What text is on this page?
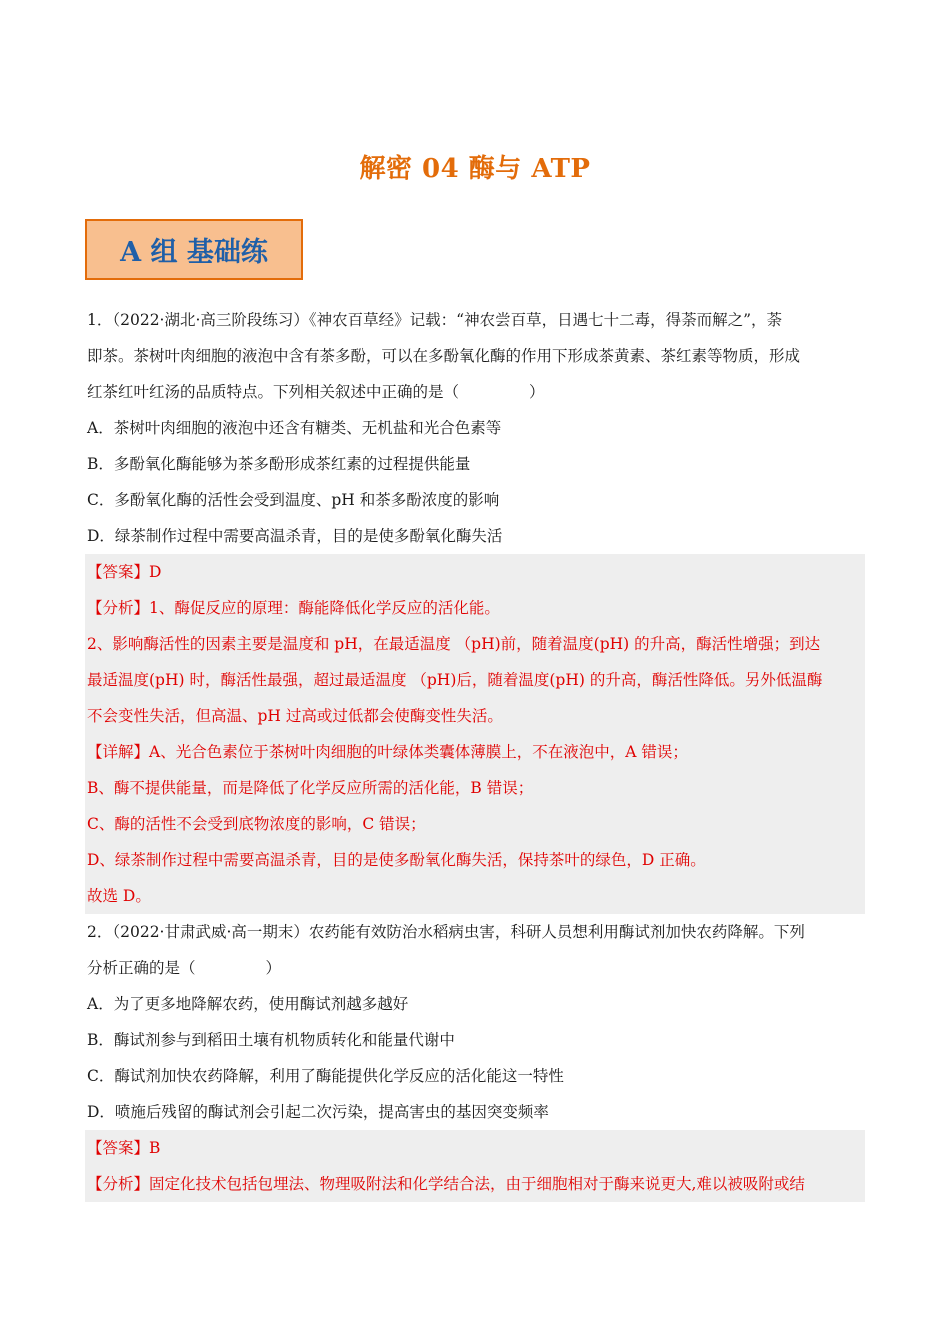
解密 04 酶与 ATP
A 组 基础练
1．（2022·湖北·高三阶段练习）《神农百草经》记载：“神农尝百草，日遇七十二毒，得荼而解之”，荼
即茶。茶树叶肉细胞的液泡中含有茶多酚，可以在多酚氧化酶的作用下形成茶黄素、茶红素等物质，形成
红茶红叶红汤的品质特点。下列相关叙述中正确的是（	）
A．茶树叶肉细胞的液泡中还含有糖类、无机盐和光合色素等
B．多酚氧化酶能够为茶多酚形成茶红素的过程提供能量
C．多酚氧化酶的活性会受到温度、pH 和茶多酚浓度的影响
D．绿茶制作过程中需要高温杀青，目的是使多酚氧化酶失活
【答案】D
【分析】1、酶促反应的原理：酶能降低化学反应的活化能。
2、影响酶活性的因素主要是温度和 pH，在最适温度 （pH)前，随着温度(pH) 的升高，酶活性增强；到达
最适温度(pH) 时，酶活性最强，超过最适温度 （pH)后，随着温度(pH) 的升高，酶活性降低。另外低温酶
不会变性失活，但高温、pH 过高或过低都会使酶变性失活。
【详解】A、光合色素位于茶树叶肉细胞的叶绿体类囊体薄膜上，不在液泡中，A 错误；
B、酶不提供能量，而是降低了化学反应所需的活化能，B 错误；
C、酶的活性不会受到底物浓度的影响，C 错误；
D、绿茶制作过程中需要高温杀青，目的是使多酚氧化酶失活，保持茶叶的绿色，D 正确。
故选 D。
2．（2022·甘肃武威·高一期末）农药能有效防治水稻病虫害，科研人员想利用酶试剂加快农药降解。下列
分析正确的是（	）
A．为了更多地降解农药，使用酶试剂越多越好
B．酶试剂参与到稻田土壤有机物质转化和能量代谢中
C．酶试剂加快农药降解，利用了酶能提供化学反应的活化能这一特性
D．喷施后残留的酶试剂会引起二次污染，提高害虫的基因突变频率
【答案】B
【分析】固定化技术包括包埋法、物理吸附法和化学结合法，由于细胞相对于酶来说更大,难以被吸附或结
